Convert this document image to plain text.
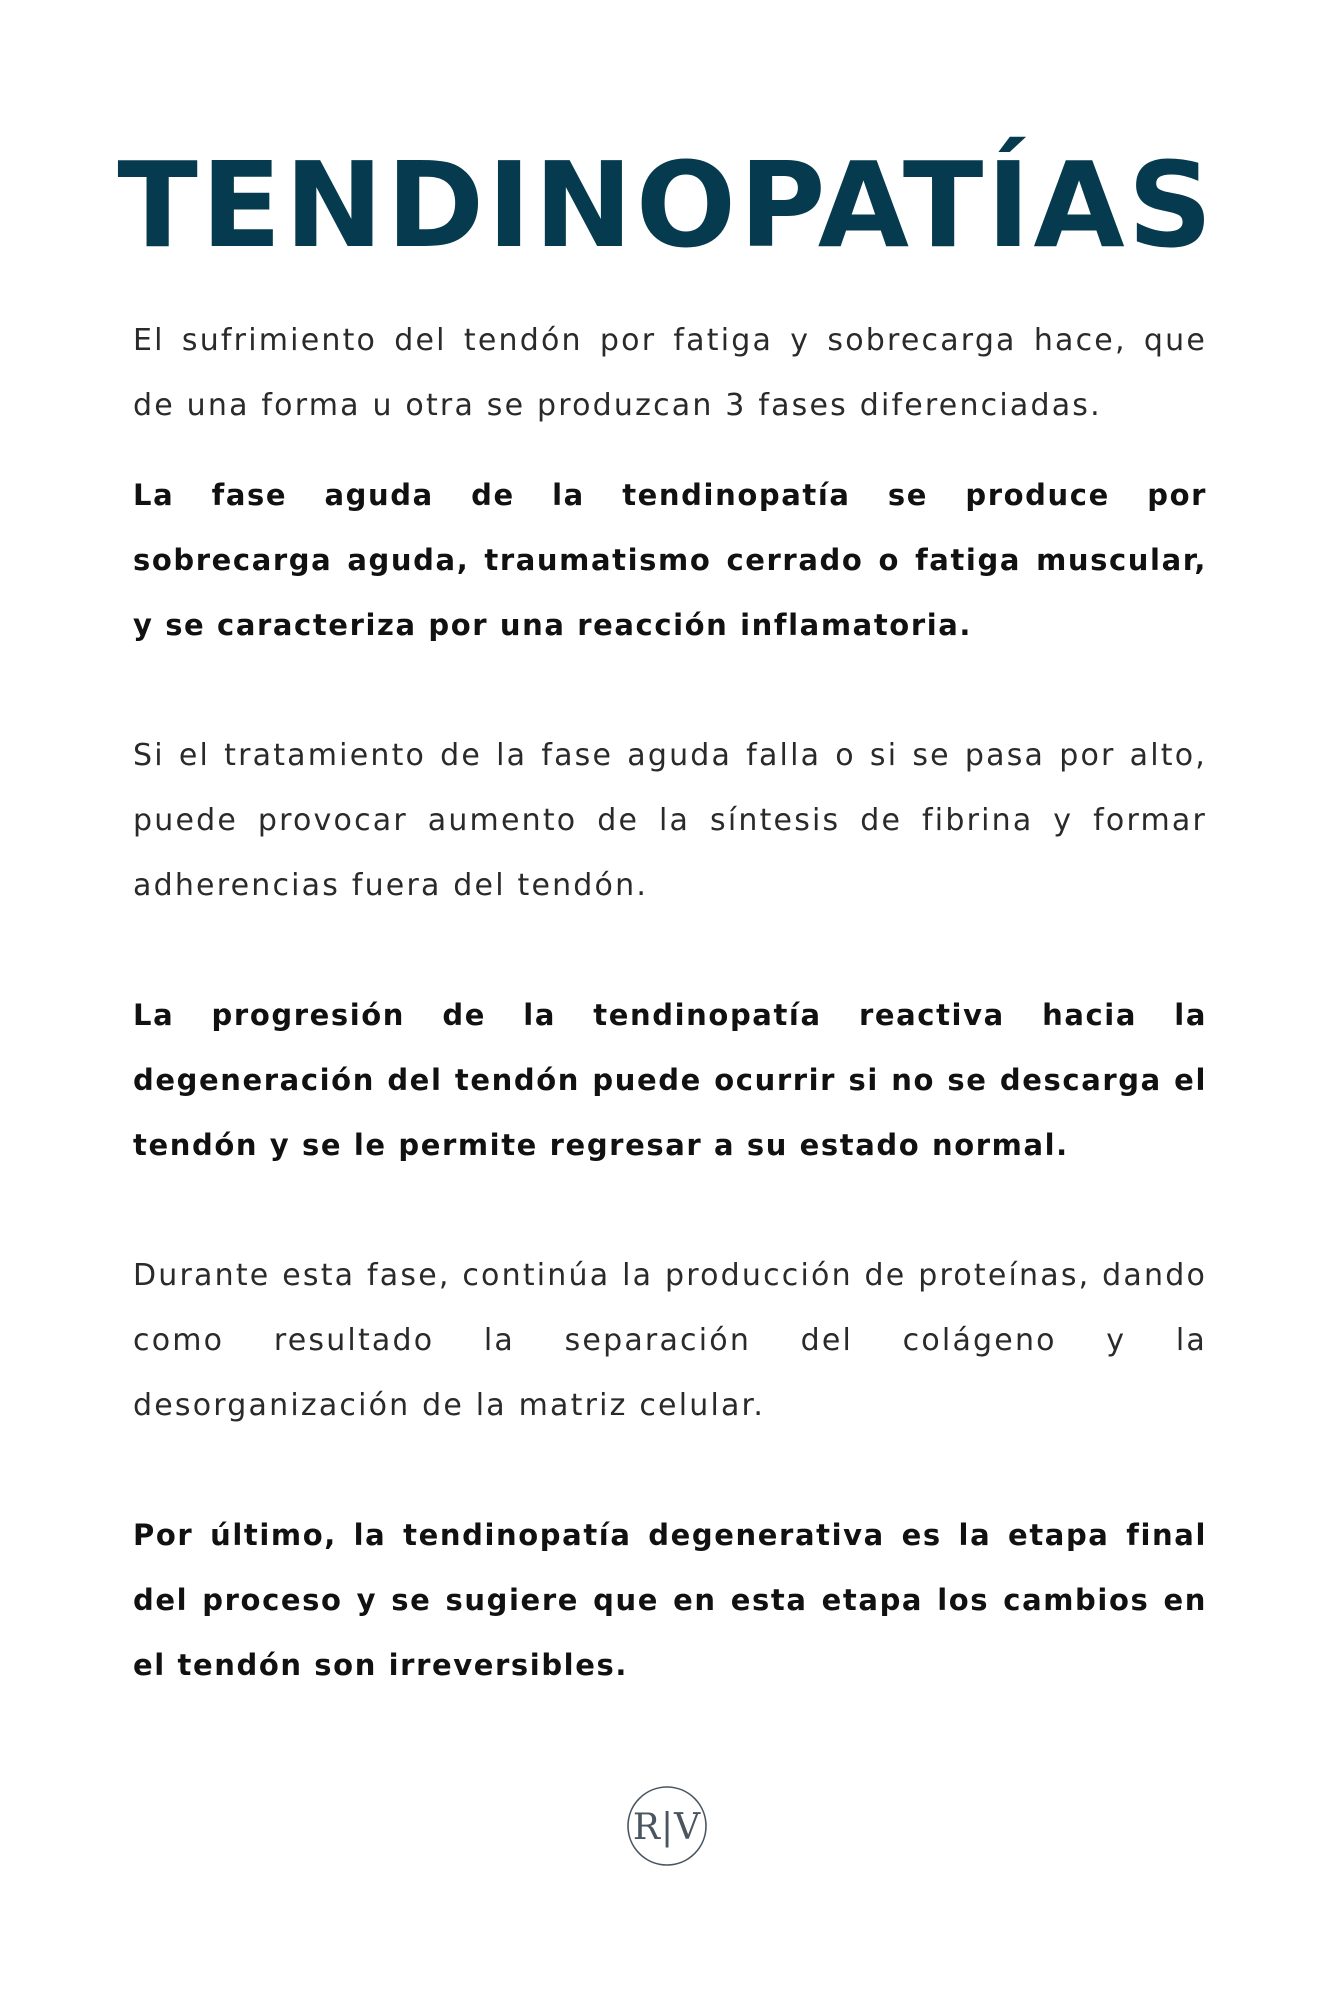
TENDINOPATÍAS

El sufrimiento del tendón por fatiga y sobrecarga hace, que de una forma u otra se produzcan 3 fases diferenciadas.

La fase aguda de la tendinopatía se produce por sobrecarga aguda, traumatismo cerrado o fatiga muscular, y se caracteriza por una reacción inflamatoria.

Si el tratamiento de la fase aguda falla o si se pasa por alto, puede provocar aumento de la síntesis de fibrina y formar adherencias fuera del tendón.

La progresión de la tendinopatía reactiva hacia la degeneración del tendón puede ocurrir si no se descarga el tendón y se le permite regresar a su estado normal.

Durante esta fase, continúa la producción de proteínas, dando como resultado la separación del colágeno y la desorganización de la matriz celular.

Por último, la tendinopatía degenerativa es la etapa final del proceso y se sugiere que en esta etapa los cambios en el tendón son irreversibles.

R|V
